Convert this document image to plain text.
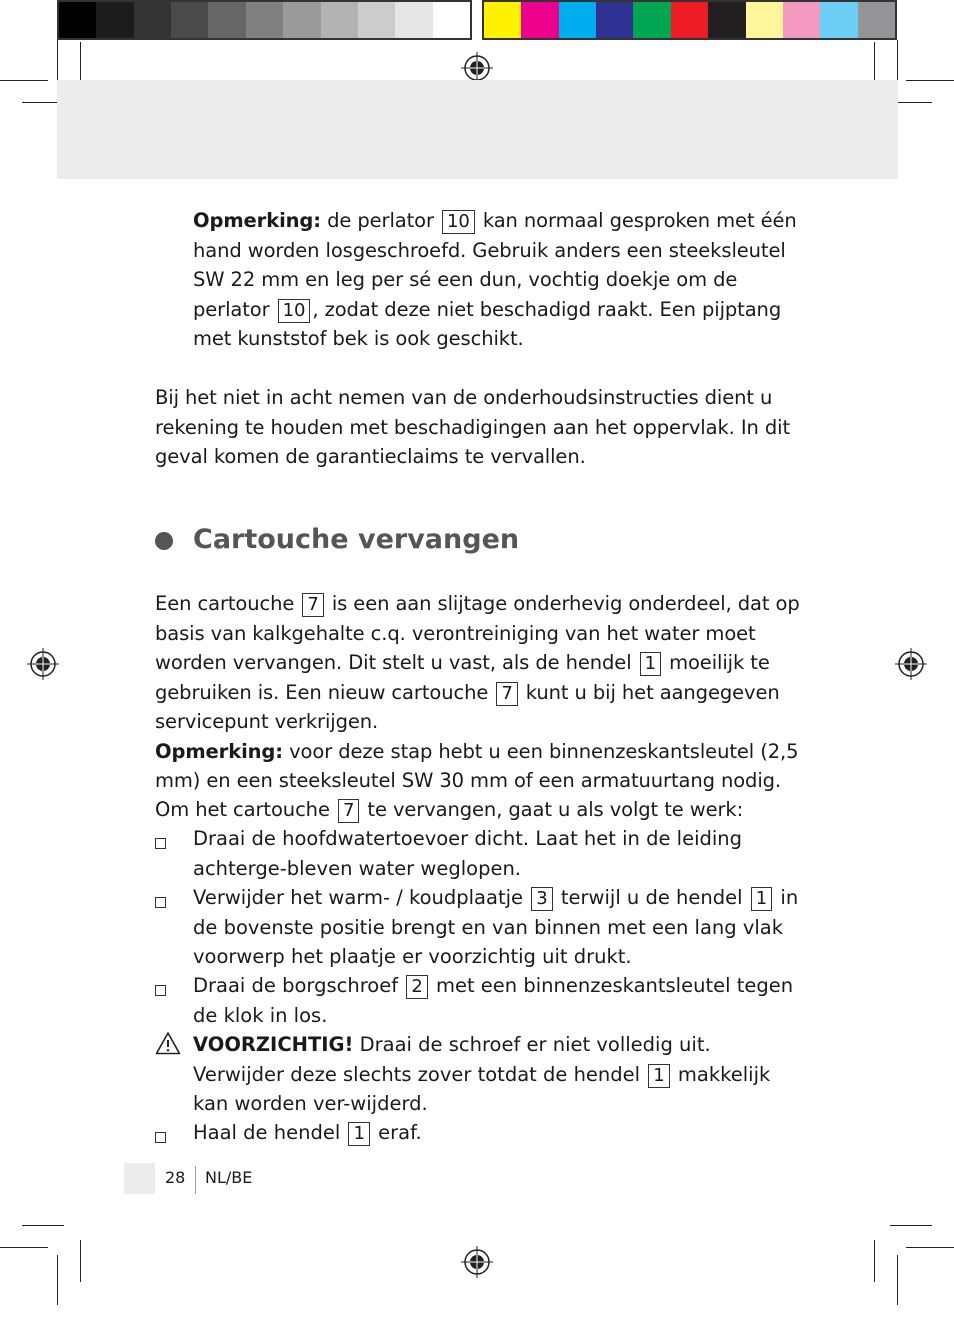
Opmerking: de perlator 10 kan normaal gesproken met één hand worden losgeschroefd. Gebruik anders een steeksleutel SW 22 mm en leg per sé een dun, vochtig doekje om de perlator 10 , zodat deze niet beschadigd raakt. Een pijptang met kunststof bek is ook geschikt.
Bij het niet in acht nemen van de onderhoudsinstructies dient u rekening te houden met beschadigingen aan het oppervlak. In dit geval komen de garantieclaims te vervallen.
Cartouche vervangen
Een cartouche 7 is een aan slijtage onderhevig onderdeel, dat op basis van kalkgehalte c.q. verontreiniging van het water moet worden vervangen. Dit stelt u vast, als de hendel 1 moeilijk te gebruiken is. Een nieuw cartouche 7 kunt u bij het aangegeven servicepunt verkrijgen.
Opmerking: voor deze stap hebt u een binnenzeskantsleutel (2,5 mm) en een steeksleutel SW 30 mm of een armatuurtang nodig.
Om het cartouche 7 te vervangen, gaat u als volgt te werk:
Draai de hoofdwatertoevoer dicht. Laat het in de leiding achterge-bleven water weglopen.
Verwijder het warm- / koudplaatje 3 terwijl u de hendel 1 in de bovenste positie brengt en van binnen met een lang vlak voorwerp het plaatje er voorzichtig uit drukt.
Draai de borgschroef 2 met een binnenzeskantsleutel tegen de klok in los.
VOORZICHTIG! Draai de schroef er niet volledig uit. Verwijder deze slechts zover totdat de hendel 1 makkelijk kan worden ver-wijderd.
Haal de hendel 1 eraf.
28 NL/BE
